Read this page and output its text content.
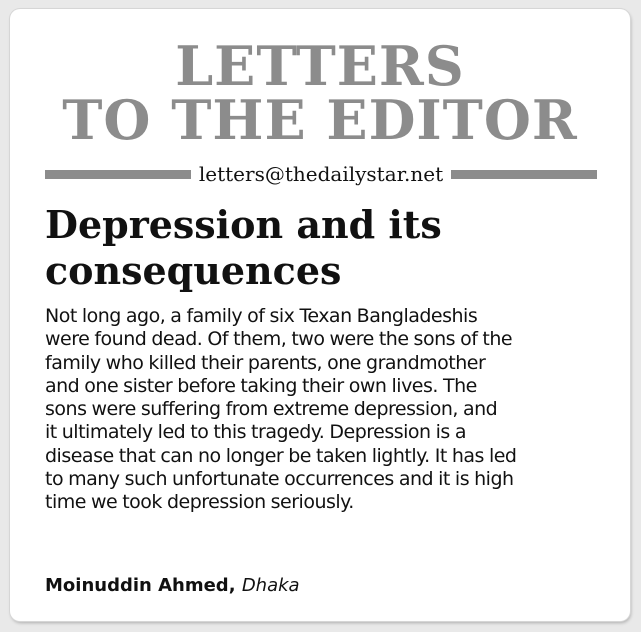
LETTERS
TO THE EDITOR
letters@thedailystar.net
Depression and its
consequences

Not long ago, a family of six Texan Bangladeshis
were found dead. Of them, two were the sons of the
family who killed their parents, one grandmother
and one sister before taking their own lives. The
sons were suffering from extreme depression, and
it ultimately led to this tragedy. Depression is a
disease that can no longer be taken lightly. It has led
to many such unfortunate occurrences and it is high
time we took depression seriously.

Moinuddin Ahmed, Dhaka
